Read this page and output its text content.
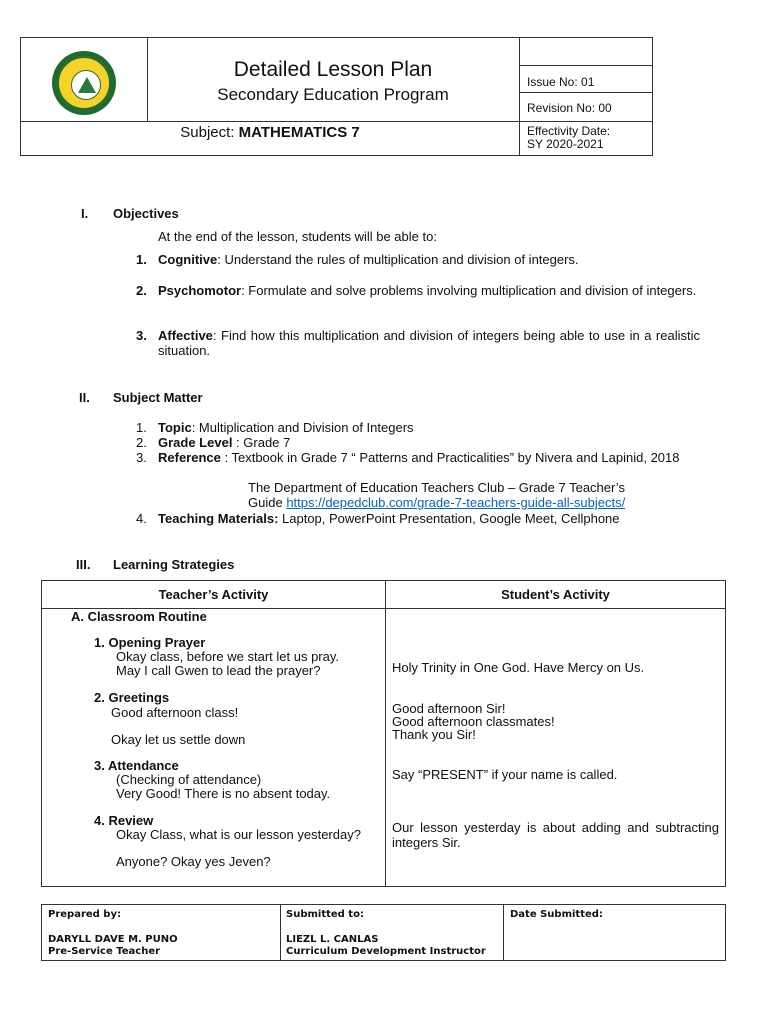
Detailed Lesson Plan
Secondary Education Program
Subject: MATHEMATICS 7
Issue No: 01
Revision No: 00
Effectivity Date:
SY 2020-2021
I. Objectives
At the end of the lesson, students will be able to:
1. Cognitive: Understand the rules of multiplication and division of integers.
2. Psychomotor: Formulate and solve problems involving multiplication and division of integers.
3. Affective: Find how this multiplication and division of integers being able to use in a realistic situation.
II. Subject Matter
1. Topic: Multiplication and Division of Integers
2. Grade Level : Grade 7
3. Reference : Textbook in Grade 7 “ Patterns and Practicalities” by Nivera and Lapinid, 2018
The Department of Education Teachers Club – Grade 7 Teacher’s
Guide https://depedclub.com/grade-7-teachers-guide-all-subjects/
4. Teaching Materials: Laptop, PowerPoint Presentation, Google Meet, Cellphone
III. Learning Strategies
Teacher’s Activity	Student’s Activity
A. Classroom Routine
1. Opening Prayer
Okay class, before we start let us pray.
May I call Gwen to lead the prayer?
2. Greetings
Good afternoon class!
Okay let us settle down
3. Attendance
(Checking of attendance)
Very Good! There is no absent today.
4. Review
Okay Class, what is our lesson yesterday?
Anyone? Okay yes Jeven?
Holy Trinity in One God. Have Mercy on Us.
Good afternoon Sir!
Good afternoon classmates!
Thank you Sir!
Say “PRESENT” if your name is called.
Our lesson yesterday is about adding and subtracting integers Sir.
Prepared by:
DARYLL DAVE M. PUNO
Pre-Service Teacher
Submitted to:
LIEZL L. CANLAS
Curriculum Development Instructor
Date Submitted:
